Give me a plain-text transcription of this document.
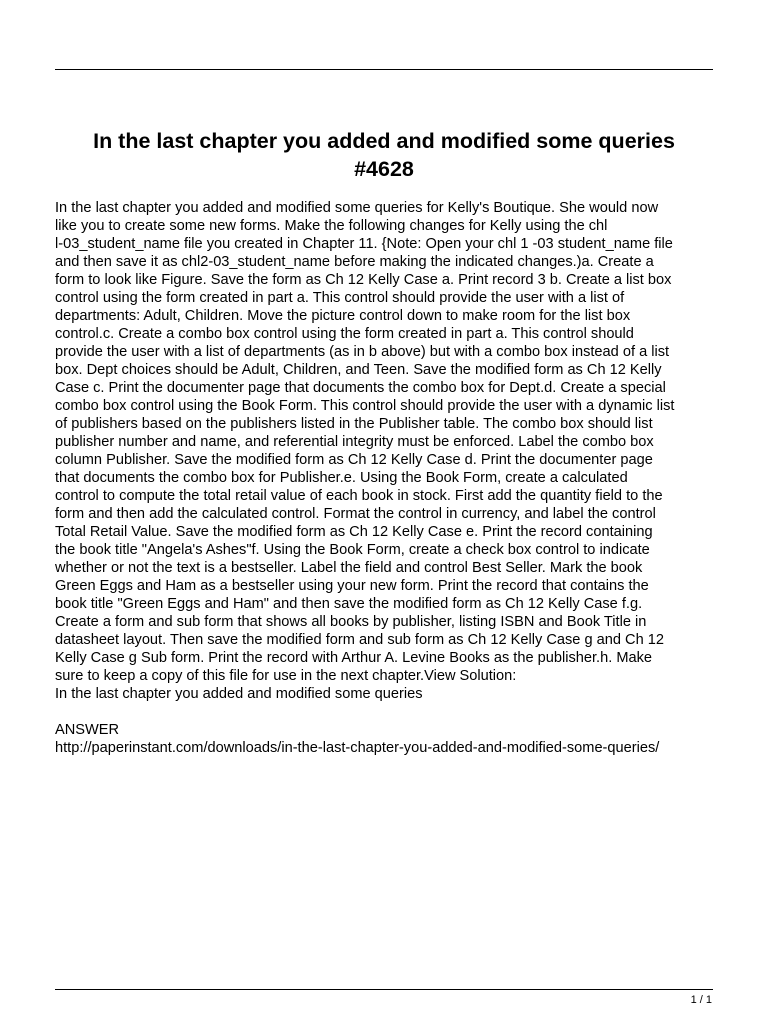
In the last chapter you added and modified some queries
#4628

In the last chapter you added and modified some queries for Kelly's Boutique. She would now
like you to create some new forms. Make the following changes for Kelly using the chl
l-03_student_name file you created in Chapter 11. {Note: Open your chl 1 -03 student_name file
and then save it as chl2-03_student_name before making the indicated changes.)a. Create a
form to look like Figure. Save the form as Ch 12 Kelly Case a. Print record 3 b. Create a list box
control using the form created in part a. This control should provide the user with a list of
departments: Adult, Children. Move the picture control down to make room for the list box
control.c. Create a combo box control using the form created in part a. This control should
provide the user with a list of departments (as in b above) but with a combo box instead of a list
box. Dept choices should be Adult, Children, and Teen. Save the modified form as Ch 12 Kelly
Case c. Print the documenter page that documents the combo box for Dept.d. Create a special
combo box control using the Book Form. This control should provide the user with a dynamic list
of publishers based on the publishers listed in the Publisher table. The combo box should list
publisher number and name, and referential integrity must be enforced. Label the combo box
column Publisher. Save the modified form as Ch 12 Kelly Case d. Print the documenter page
that documents the combo box for Publisher.e. Using the Book Form, create a calculated
control to compute the total retail value of each book in stock. First add the quantity field to the
form and then add the calculated control. Format the control in currency, and label the control
Total Retail Value. Save the modified form as Ch 12 Kelly Case e. Print the record containing
the book title "Angela's Ashes"f. Using the Book Form, create a check box control to indicate
whether or not the text is a bestseller. Label the field and control Best Seller. Mark the book
Green Eggs and Ham as a bestseller using your new form. Print the record that contains the
book title "Green Eggs and Ham" and then save the modified form as Ch 12 Kelly Case f.g.
Create a form and sub form that shows all books by publisher, listing ISBN and Book Title in
datasheet layout. Then save the modified form and sub form as Ch 12 Kelly Case g and Ch 12
Kelly Case g Sub form. Print the record with Arthur A. Levine Books as the publisher.h. Make
sure to keep a copy of this file for use in the next chapter.View Solution:

In the last chapter you added and modified some queries

ANSWER

http://paperinstant.com/downloads/in-the-last-chapter-you-added-and-modified-some-queries/

1 / 1
